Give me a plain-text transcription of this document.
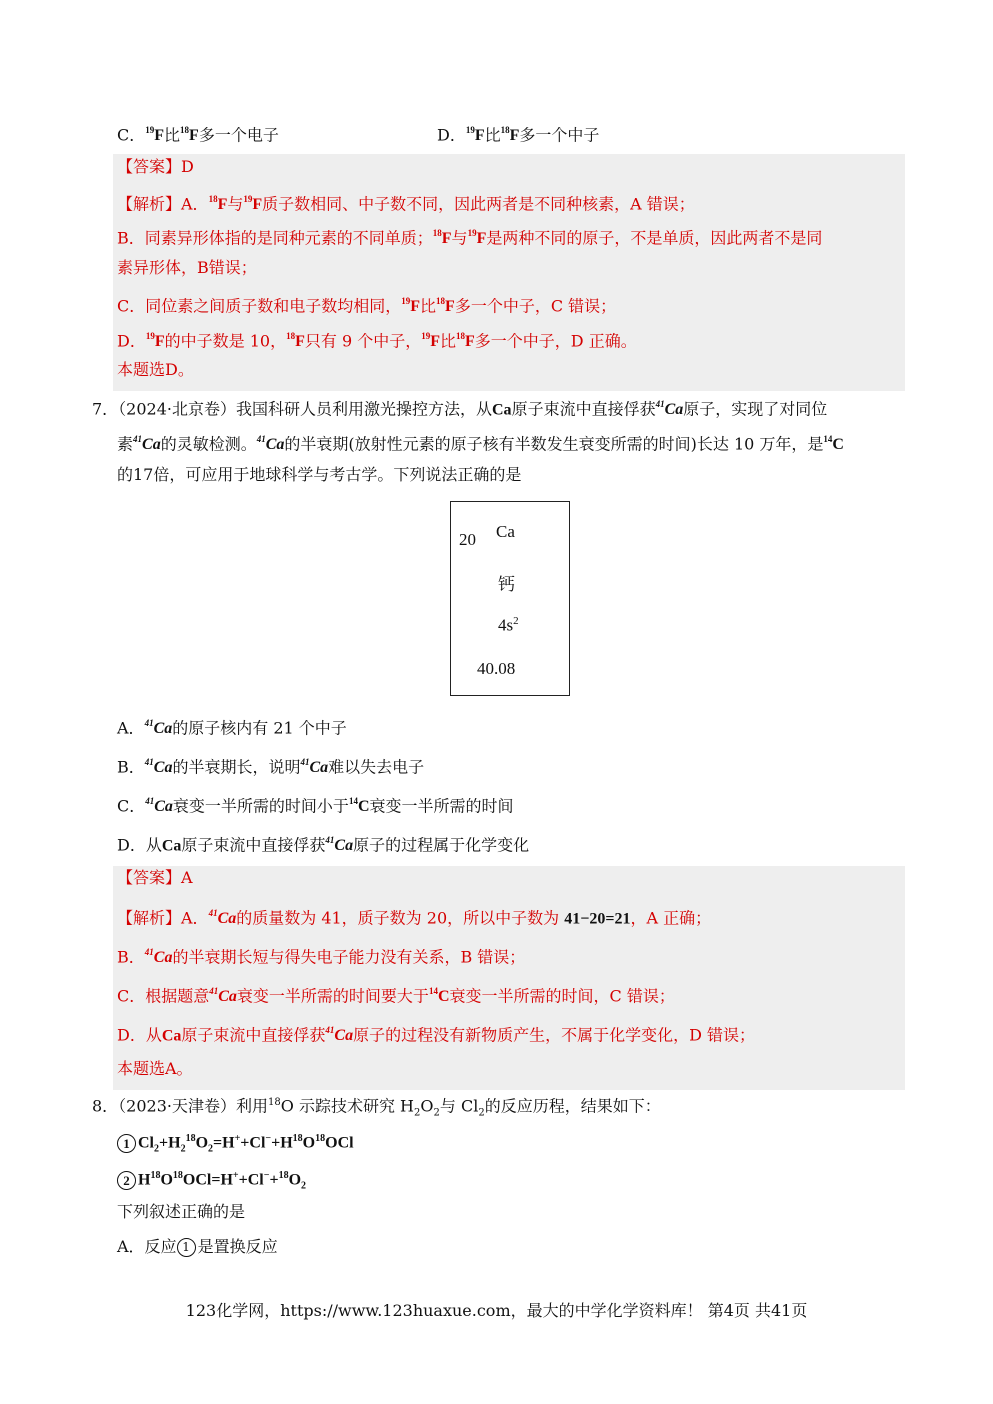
C．$^{19}$F比$^{18}$F多一个电子	D．$^{19}$F比$^{18}$F多一个中子
【答案】D
【解析】A．$^{18}$F与$^{19}$F质子数相同、中子数不同，因此两者是不同种核素，A 错误；
B．同素异形体指的是同种元素的不同单质；$^{18}$F与$^{19}$F是两种不同的原子，不是单质，因此两者不是同
素异形体，B错误；
C．同位素之间质子数和电子数均相同，$^{19}$F比$^{18}$F多一个中子，C 错误；
D．$^{19}$F的中子数是 10，$^{18}$F只有 9 个中子，$^{19}$F比$^{18}$F多一个中子，D 正确。
本题选D。
7．（2024·北京卷）我国科研人员利用激光操控方法，从Ca原子束流中直接俘获$^{41}$Ca原子，实现了对同位
素$^{41}$Ca的灵敏检测。$^{41}$Ca的半衰期(放射性元素的原子核有半数发生衰变所需的时间)长达 10 万年，是$^{14}$C
的17倍，可应用于地球科学与考古学。下列说法正确的是
20 Ca
钙
$4s^2$
40.08
A．$^{41}$Ca的原子核内有 21 个中子
B．$^{41}$Ca的半衰期长，说明$^{41}$Ca难以失去电子
C．$^{41}$Ca衰变一半所需的时间小于$^{14}$C衰变一半所需的时间
D．从Ca原子束流中直接俘获$^{41}$Ca原子的过程属于化学变化
【答案】A
【解析】A．$^{41}$Ca的质量数为 41，质子数为 20，所以中子数为 41−20=21，A 正确；
B．$^{41}$Ca的半衰期长短与得失电子能力没有关系，B 错误；
C．根据题意$^{41}$Ca衰变一半所需的时间要大于$^{14}$C衰变一半所需的时间，C 错误；
D．从Ca原子束流中直接俘获$^{41}$Ca原子的过程没有新物质产生，不属于化学变化，D 错误；
本题选A。
8．（2023·天津卷）利用$^{18}$O 示踪技术研究 $H_2O_2$与 $Cl_2$的反应历程，结果如下：
1 $Cl_2+H_2^{18}O_2=H^++Cl^-+H^{18}O^{18}OCl$
2 $H^{18}O^{18}OCl=H^++Cl^-+^{18}O_2$
下列叙述正确的是
A．反应 1 是置换反应
123化学网，https://www.123huaxue.com，最大的中学化学资料库！ 第4页 共41页
